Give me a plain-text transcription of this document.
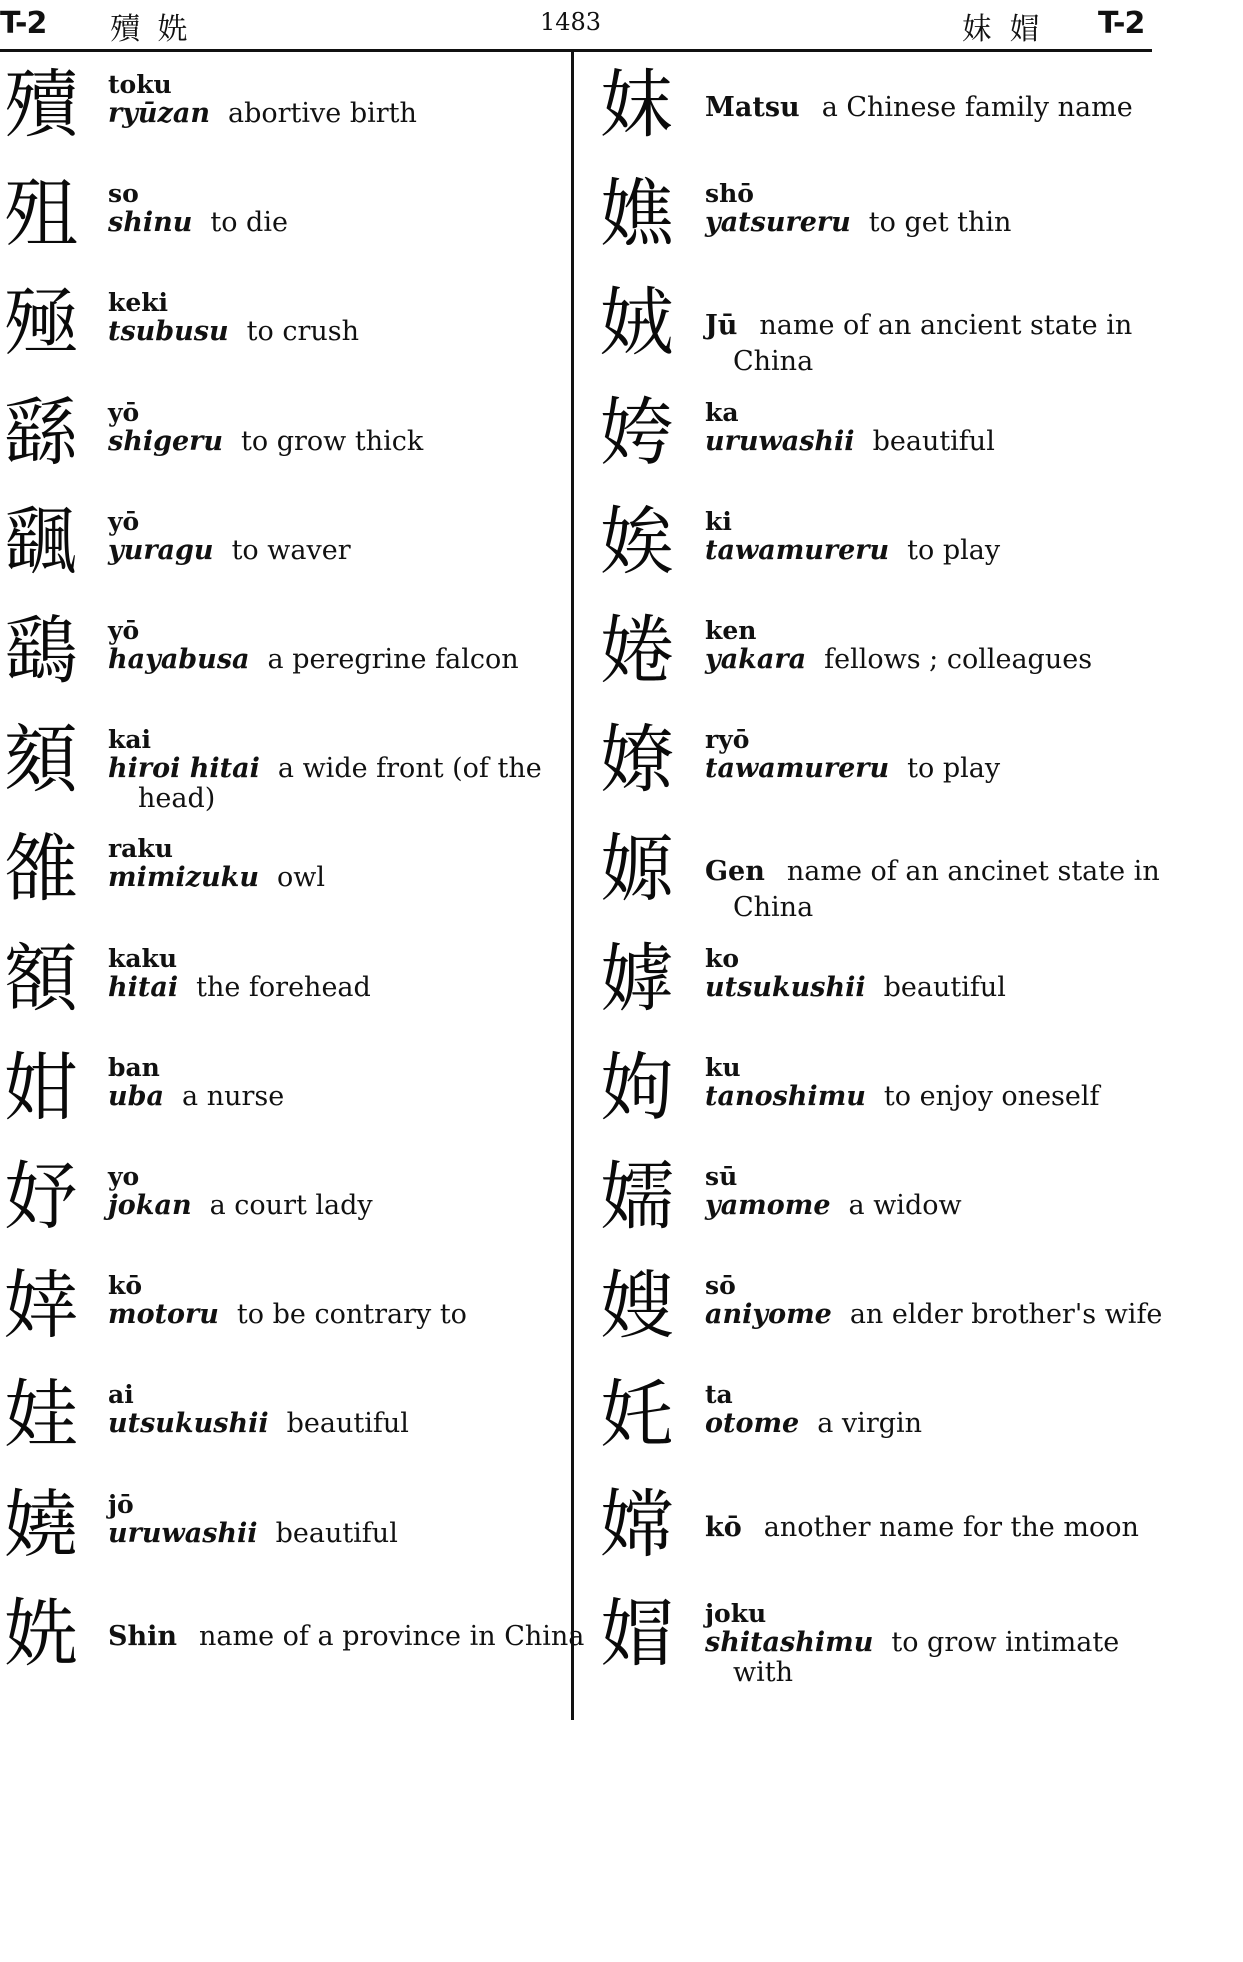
T-2 殰 姺	1483	妺 媢 T-2
殰 toku
ryūzan abortive birth
殂 so
shinu to die
殛 keki
tsubusu to crush
繇 yō
shigeru to grow thick
颻 yō
yuragu to waver
鷂 yō
hayabusa a peregrine falcon
頦 kai
hiroi hitai a wide front (of the
head)
雒 raku
mimizuku owl
額 kaku
hitai the forehead
姏 ban
uba a nurse
妤 yo
jokan a court lady
婞 kō
motoru to be contrary to
娃 ai
utsukushii beautiful
嬈 jō
uruwashii beautiful
姺 Shin name of a province in China
妺 Matsu a Chinese family name
嫶 shō
yatsureru to get thin
娀 Jū name of an ancient state in
China
姱 ka
uruwashii beautiful
娭 ki
tawamureru to play
婘 ken
yakara fellows ; colleagues
嫽 ryō
tawamureru to play
嫄 Gen name of an ancinet state in
China
嫭 ko
utsukushii beautiful
姁 ku
tanoshimu to enjoy oneself
嬬 sū
yamome a widow
嫂 sō
aniyome an elder brother's wife
奼 ta
otome a virgin
嫦 kō another name for the moon
媢 joku
shitashimu to grow intimate
with
